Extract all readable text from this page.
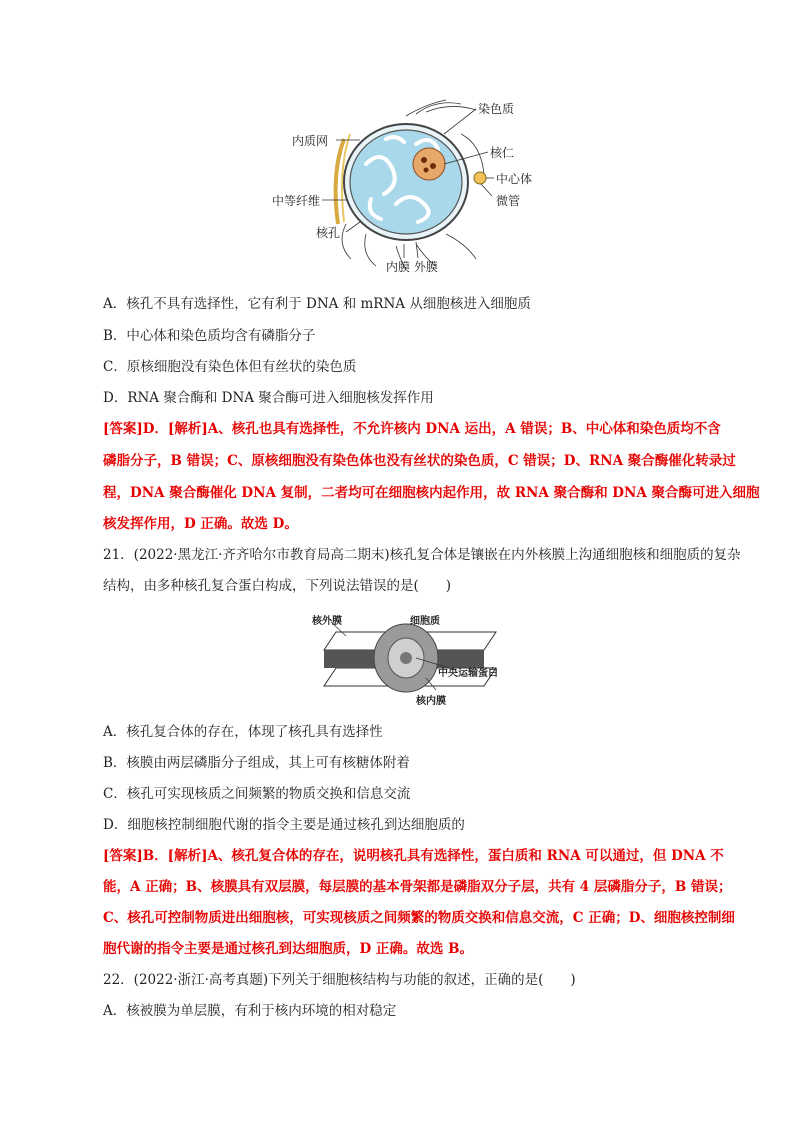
染色质
内质网
核仁
中心体
中等纤维	微管
核孔
内膜 外膜
A．核孔不具有选择性，它有利于 DNA 和 mRNA 从细胞核进入细胞质
B．中心体和染色质均含有磷脂分子
C．原核细胞没有染色体但有丝状的染色质
D．RNA 聚合酶和 DNA 聚合酶可进入细胞核发挥作用
[答案]D．[解析]A、核孔也具有选择性，不允许核内 DNA 运出，A 错误；B、中心体和染色质均不含
磷脂分子，B 错误；C、原核细胞没有染色体也没有丝状的染色质，C 错误；D、RNA 聚合酶催化转录过
程，DNA 聚合酶催化 DNA 复制，二者均可在细胞核内起作用，故 RNA 聚合酶和 DNA 聚合酶可进入细胞
核发挥作用，D 正确。故选 D。
21．(2022·黑龙江·齐齐哈尔市教育局高二期末)核孔复合体是镶嵌在内外核膜上沟通细胞核和细胞质的复杂
结构，由多种核孔复合蛋白构成，下列说法错误的是(　　)
核外膜	细胞质
中央运输蛋白
核内膜
A．核孔复合体的存在，体现了核孔具有选择性
B．核膜由两层磷脂分子组成，其上可有核糖体附着
C．核孔可实现核质之间频繁的物质交换和信息交流
D．细胞核控制细胞代谢的指令主要是通过核孔到达细胞质的
[答案]B．[解析]A、核孔复合体的存在，说明核孔具有选择性，蛋白质和 RNA 可以通过，但 DNA 不
能，A 正确；B、核膜具有双层膜，每层膜的基本骨架都是磷脂双分子层，共有 4 层磷脂分子，B 错误；
C、核孔可控制物质进出细胞核，可实现核质之间频繁的物质交换和信息交流，C 正确；D、细胞核控制细
胞代谢的指令主要是通过核孔到达细胞质，D 正确。故选 B。
22．(2022·浙江·高考真题)下列关于细胞核结构与功能的叙述，正确的是(　　)
A．核被膜为单层膜，有利于核内环境的相对稳定
